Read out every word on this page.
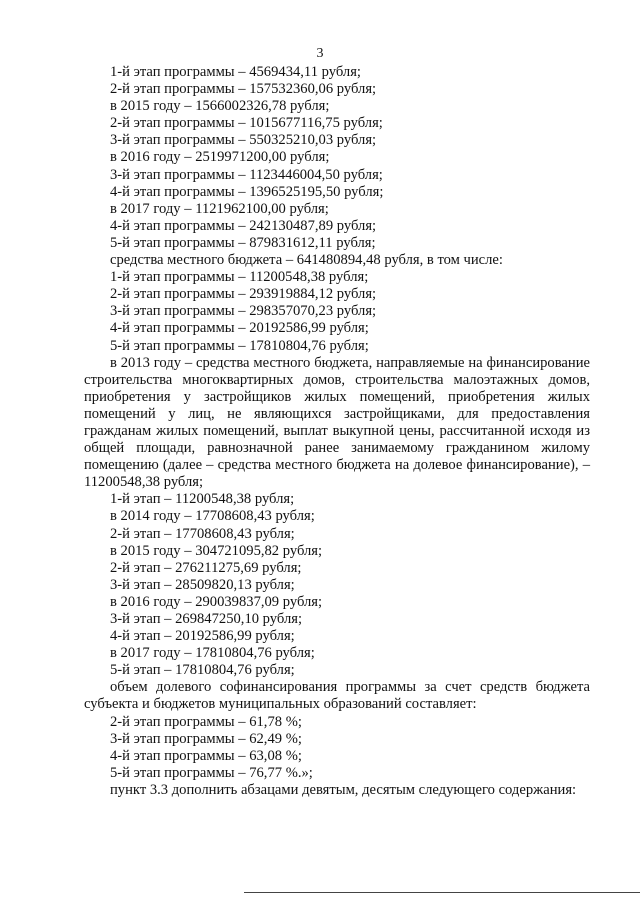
3
1-й этап программы – 4569434,11 рубля;
2-й этап программы – 157532360,06 рубля;
в 2015 году – 1566002326,78 рубля;
2-й этап программы – 1015677116,75 рубля;
3-й этап программы – 550325210,03 рубля;
в 2016 году – 2519971200,00 рубля;
3-й этап программы – 1123446004,50 рубля;
4-й этап программы – 1396525195,50 рубля;
в 2017 году – 1121962100,00 рубля;
4-й этап программы – 242130487,89 рубля;
5-й этап программы – 879831612,11 рубля;
средства местного бюджета – 641480894,48 рубля, в том числе:
1-й этап программы – 11200548,38 рубля;
2-й этап программы – 293919884,12 рубля;
3-й этап программы – 298357070,23 рубля;
4-й этап программы – 20192586,99 рубля;
5-й этап программы – 17810804,76 рубля;
в 2013 году – средства местного бюджета, направляемые на финансирование строительства многоквартирных домов, строительства малоэтажных домов, приобретения у застройщиков жилых помещений, приобретения жилых помещений у лиц, не являющихся застройщиками, для предоставления гражданам жилых помещений, выплат выкупной цены, рассчитанной исходя из общей площади, равнозначной ранее занимаемому гражданином жилому помещению (далее – средства местного бюджета на долевое финансирование), – 11200548,38 рубля;
1-й этап – 11200548,38 рубля;
в 2014 году – 17708608,43 рубля;
2-й этап – 17708608,43 рубля;
в 2015 году – 304721095,82 рубля;
2-й этап – 276211275,69 рубля;
3-й этап – 28509820,13 рубля;
в 2016 году – 290039837,09 рубля;
3-й этап – 269847250,10 рубля;
4-й этап – 20192586,99 рубля;
в 2017 году – 17810804,76 рубля;
5-й этап – 17810804,76 рубля;
объем долевого софинансирования программы за счет средств бюджета субъекта и бюджетов муниципальных образований составляет:
2-й этап программы – 61,78 %;
3-й этап программы – 62,49 %;
4-й этап программы – 63,08 %;
5-й этап программы – 76,77 %.»;
пункт 3.3 дополнить абзацами девятым, десятым следующего содержания:
